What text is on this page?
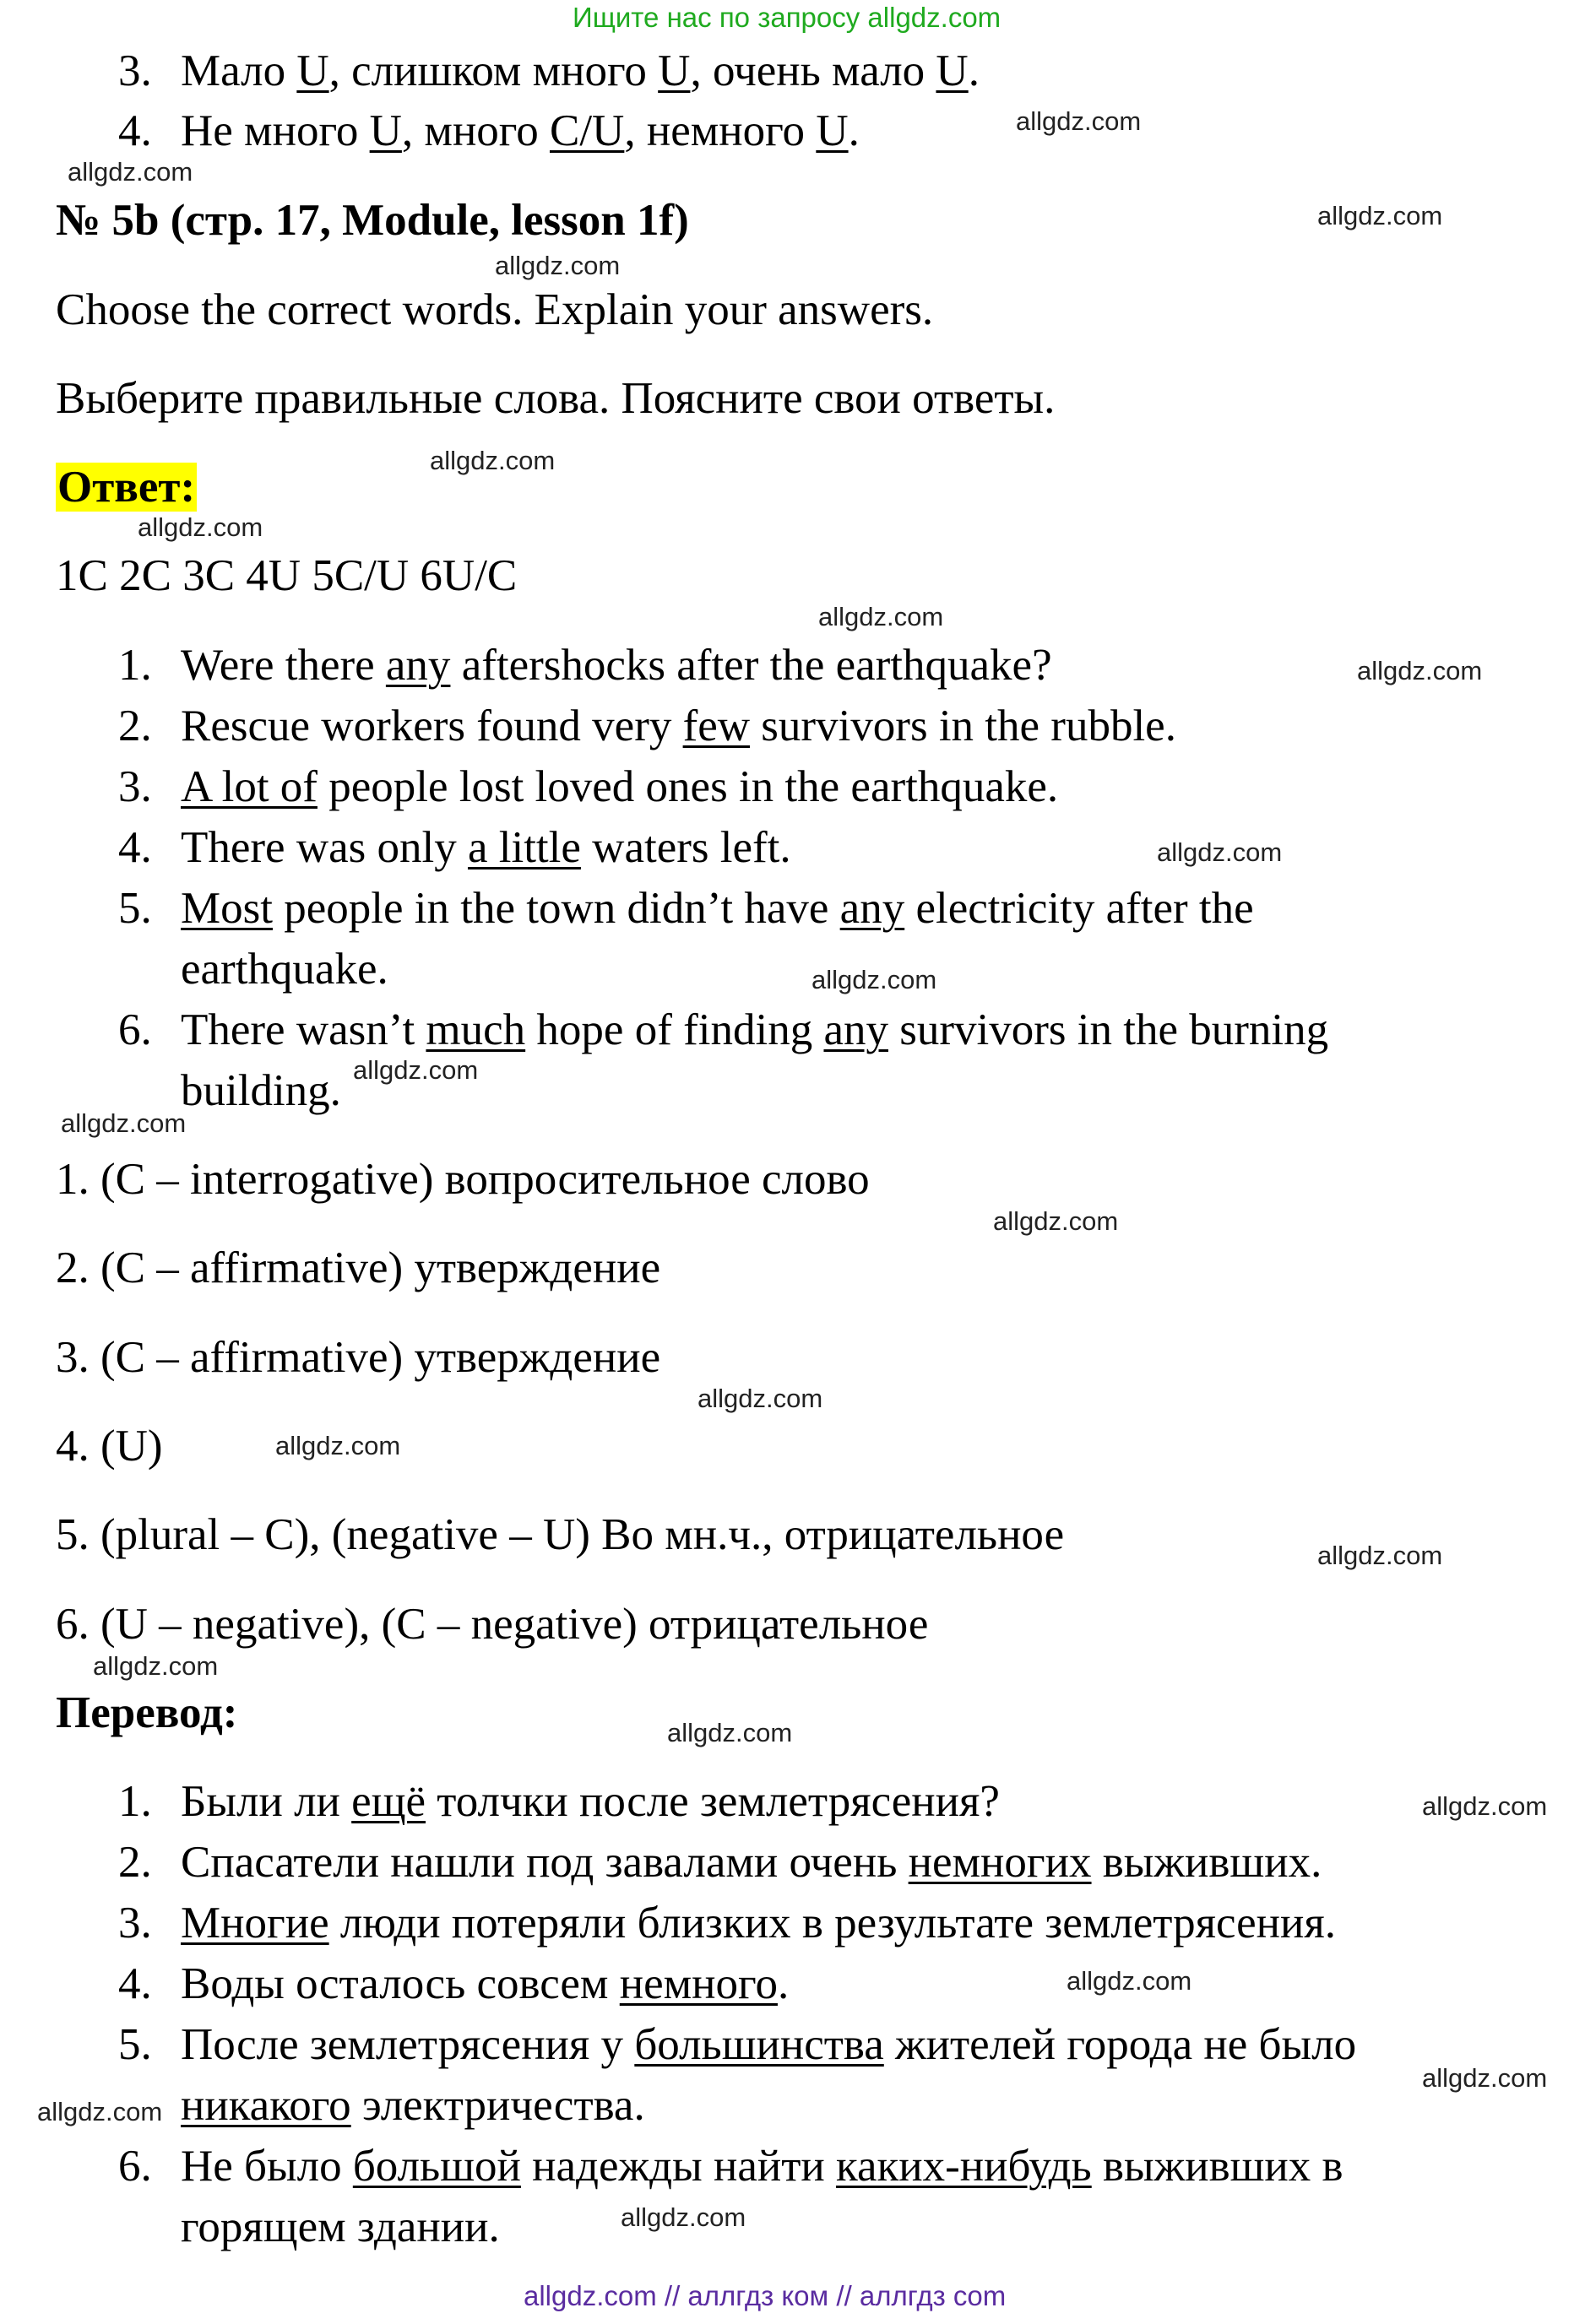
Ищите нас по запросу allgdz.com
3. Мало U, слишком много U, очень мало U.
4. Не много U, много C/U, немного U.
№ 5b (стр. 17, Module, lesson 1f)
Choose the correct words. Explain your answers.
Выберите правильные слова. Поясните свои ответы.
Ответ:
1C 2C 3C 4U 5C/U 6U/C
1. Were there any aftershocks after the earthquake?
2. Rescue workers found very few survivors in the rubble.
3. A lot of people lost loved ones in the earthquake.
4. There was only a little waters left.
5. Most people in the town didn’t have any electricity after the
earthquake.
6. There wasn’t much hope of finding any survivors in the burning
building.
1. (C – interrogative) вопросительное слово
2. (C – affirmative) утверждение
3. (C – affirmative) утверждение
4. (U)
5. (plural – C), (negative – U) Во мн.ч., отрицательное
6. (U – negative), (C – negative) отрицательное
Перевод:
1. Были ли ещё толчки после землетрясения?
2. Спасатели нашли под завалами очень немногих выживших.
3. Многие люди потеряли близких в результате землетрясения.
4. Воды осталось совсем немного.
5. После землетрясения у большинства жителей города не было
никакого электричества.
6. Не было большой надежды найти каких-нибудь выживших в
горящем здании.
allgdz.com
allgdz.com
allgdz.com
allgdz.com
allgdz.com
allgdz.com
allgdz.com
allgdz.com
allgdz.com
allgdz.com
allgdz.com
allgdz.com
allgdz.com
allgdz.com
allgdz.com
allgdz.com
allgdz.com
allgdz.com
allgdz.com
allgdz.com
allgdz.com
allgdz.com
allgdz.com
allgdz.com // аллгдз ком // аллгдз com
